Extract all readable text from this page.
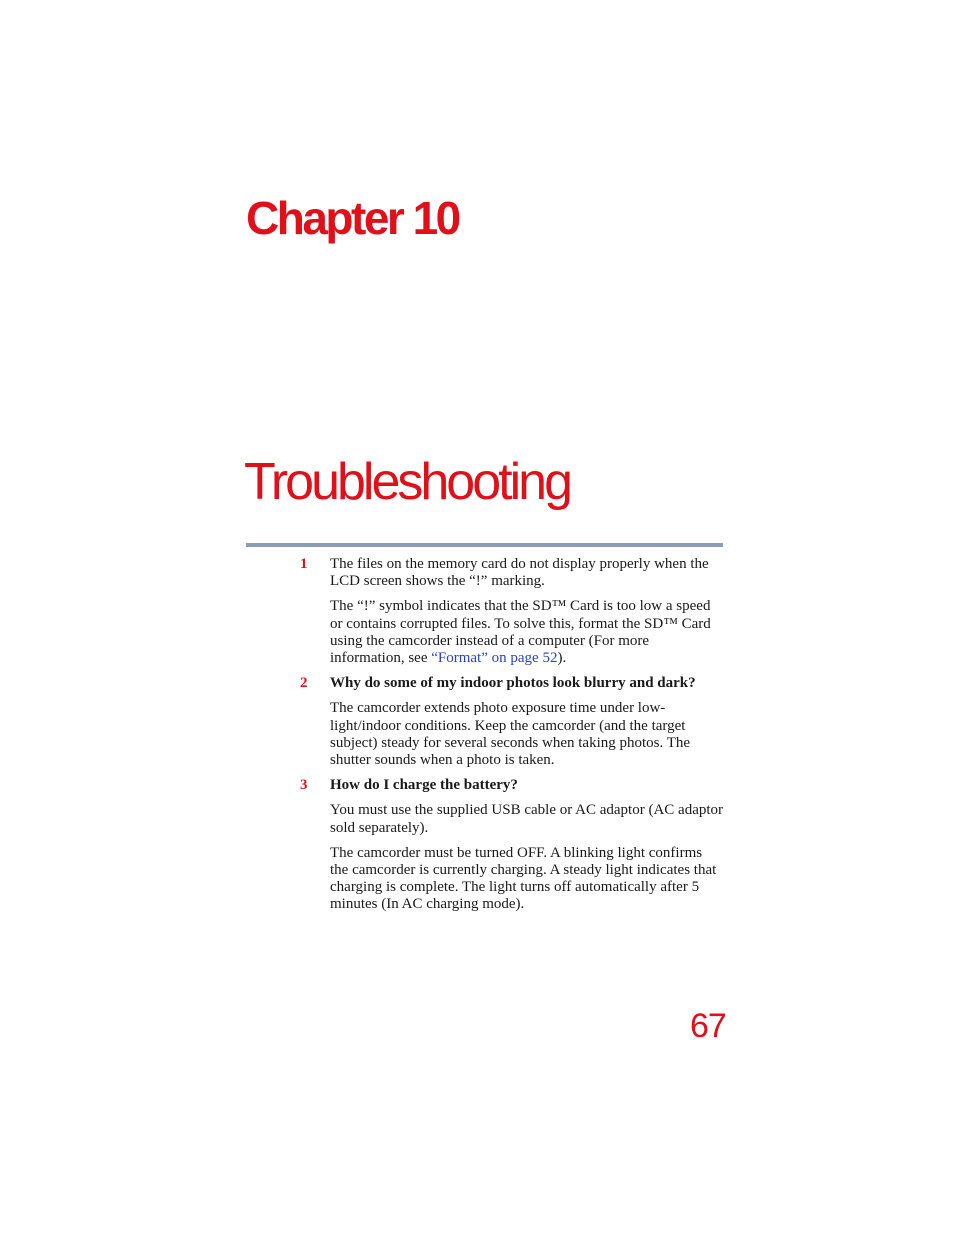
Chapter 10
Troubleshooting
1	The files on the memory card do not display properly when the LCD screen shows the “!” marking.
The “!” symbol indicates that the SD™ Card is too low a speed or contains corrupted files. To solve this, format the SD™ Card using the camcorder instead of a computer (For more information, see “Format” on page 52).
2	Why do some of my indoor photos look blurry and dark?
The camcorder extends photo exposure time under low-light/indoor conditions. Keep the camcorder (and the target subject) steady for several seconds when taking photos. The shutter sounds when a photo is taken.
3	How do I charge the battery?
You must use the supplied USB cable or AC adaptor (AC adaptor sold separately).
The camcorder must be turned OFF. A blinking light confirms the camcorder is currently charging. A steady light indicates that charging is complete. The light turns off automatically after 5 minutes (In AC charging mode).
67
